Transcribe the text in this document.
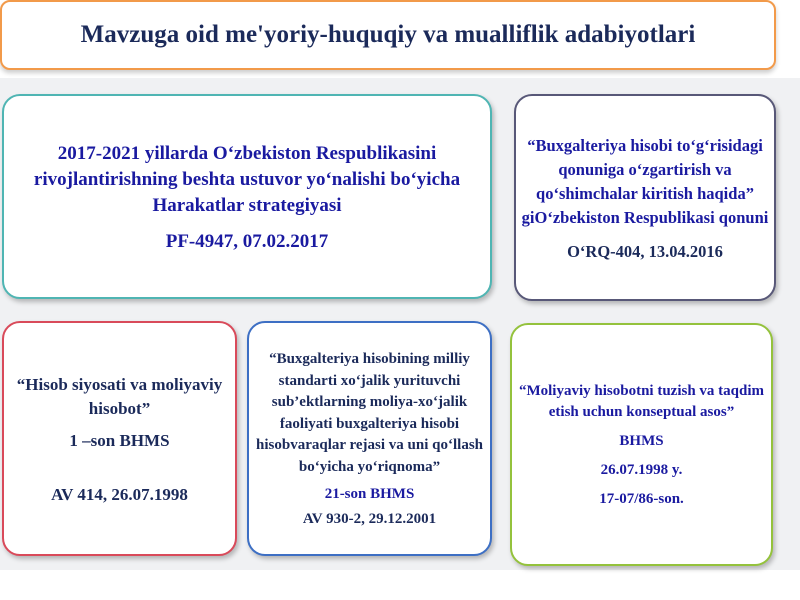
Mavzuga oid me'yoriy-huquqiy va mualliflik adabiyotlari
2017-2021 yillarda O‘zbekiston Respublikasini rivojlantirishning beshta ustuvor yo‘nalishi bo‘yicha Harakatlar strategiyasi
PF-4947, 07.02.2017
“Buxgalteriya hisobi to‘g‘risidagi qonuniga o‘zgartirish va qo‘shimchalar kiritish haqida” giO‘zbekiston Respublikasi qonuni
O‘RQ-404, 13.04.2016
“Hisob siyosati va moliyaviy hisobot”
1 –son BHMS
AV 414, 26.07.1998
“Buxgalteriya hisobining milliy standarti xo‘jalik yurituvchi sub’ektlarning moliya-xo‘jalik faoliyati buxgalteriya hisobi hisobvaraqlar rejasi va uni qo‘llash bo‘yicha yo‘riqnoma”
21-son BHMS
AV 930-2, 29.12.2001
“Moliyaviy hisobotni tuzish va taqdim etish uchun konseptual asos”
BHMS
26.07.1998 y.
17-07/86-son.
